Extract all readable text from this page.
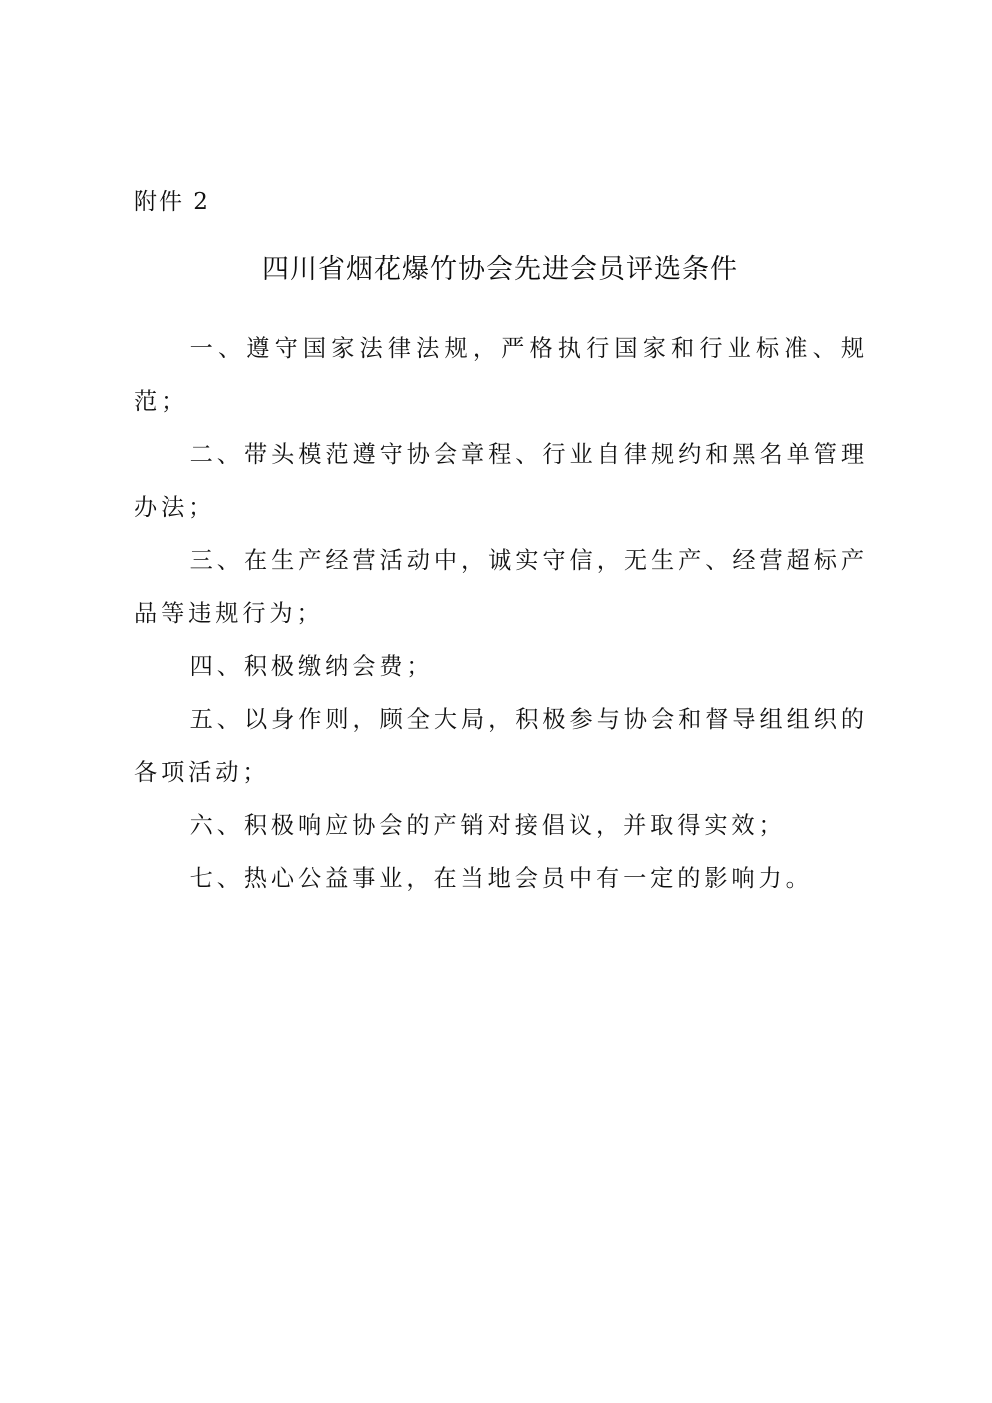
附件 2
四川省烟花爆竹协会先进会员评选条件

一、遵守国家法律法规，严格执行国家和行业标准、规范；

二、带头模范遵守协会章程、行业自律规约和黑名单管理办法；

三、在生产经营活动中，诚实守信，无生产、经营超标产品等违规行为；

四、积极缴纳会费；

五、以身作则，顾全大局，积极参与协会和督导组组织的各项活动；

六、积极响应协会的产销对接倡议，并取得实效；

七、热心公益事业，在当地会员中有一定的影响力。
